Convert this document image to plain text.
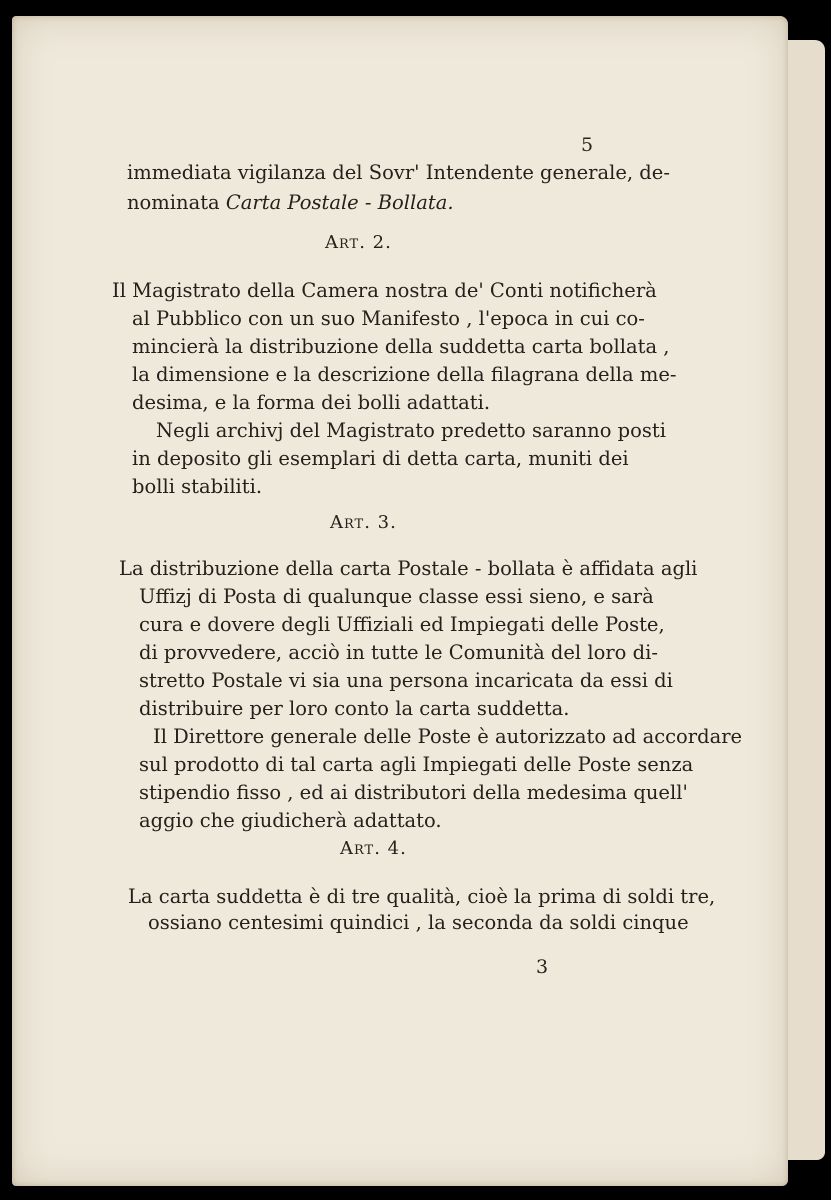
5
immediata vigilanza del Sovr' Intendente generale, de-
nominata Carta Postale - Bollata.
Art. 2.
Il Magistrato della Camera nostra de' Conti notificherà
al Pubblico con un suo Manifesto , l'epoca in cui co-
mincierà la distribuzione della suddetta carta bollata ,
la dimensione e la descrizione della filagrana della me-
desima, e la forma dei bolli adattati.
Negli archivj del Magistrato predetto saranno posti
in deposito gli esemplari di detta carta, muniti dei
bolli stabiliti.
Art. 3.
La distribuzione della carta Postale - bollata è affidata agli
Uffizj di Posta di qualunque classe essi sieno, e sarà
cura e dovere degli Uffiziali ed Impiegati delle Poste,
di provvedere, acciò in tutte le Comunità del loro di-
stretto Postale vi sia una persona incaricata da essi di
distribuire per loro conto la carta suddetta.
Il Direttore generale delle Poste è autorizzato ad accordare
sul prodotto di tal carta agli Impiegati delle Poste senza
stipendio fisso , ed ai distributori della medesima quell'
aggio che giudicherà adattato.
Art. 4.
La carta suddetta è di tre qualità, cioè la prima di soldi tre,
ossiano centesimi quindici , la seconda da soldi cinque
3
